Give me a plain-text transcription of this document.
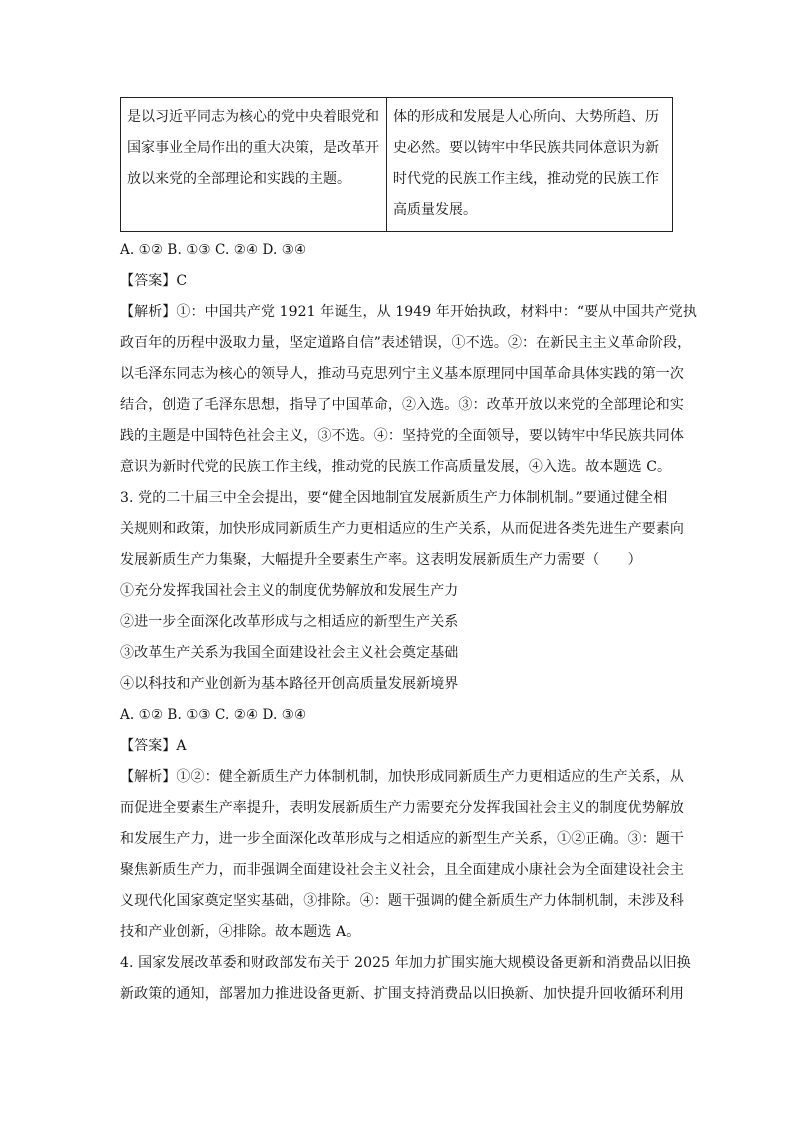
是以习近平同志为核心的党中央着眼党和国家事业全局作出的重大决策，是改革开放以来党的全部理论和实践的主题。	体的形成和发展是人心所向、大势所趋、历史必然。要以铸牢中华民族共同体意识为新时代党的民族工作主线，推动党的民族工作高质量发展。
A. ①② B. ①③ C. ②④ D. ③④
【答案】C
【解析】①：中国共产党 1921 年诞生，从 1949 年开始执政，材料中：“要从中国共产党执
政百年的历程中汲取力量，坚定道路自信”表述错误，①不选。②：在新民主主义革命阶段，
以毛泽东同志为核心的领导人，推动马克思列宁主义基本原理同中国革命具体实践的第一次
结合，创造了毛泽东思想，指导了中国革命，②入选。③：改革开放以来党的全部理论和实
践的主题是中国特色社会主义，③不选。④：坚持党的全面领导，要以铸牢中华民族共同体
意识为新时代党的民族工作主线，推动党的民族工作高质量发展，④入选。故本题选 C。
3. 党的二十届三中全会提出，要“健全因地制宜发展新质生产力体制机制。”要通过健全相
关规则和政策，加快形成同新质生产力更相适应的生产关系，从而促进各类先进生产要素向
发展新质生产力集聚，大幅提升全要素生产率。这表明发展新质生产力需要（　　）
①充分发挥我国社会主义的制度优势解放和发展生产力
②进一步全面深化改革形成与之相适应的新型生产关系
③改革生产关系为我国全面建设社会主义社会奠定基础
④以科技和产业创新为基本路径开创高质量发展新境界
A. ①② B. ①③ C. ②④ D. ③④
【答案】A
【解析】①②：健全新质生产力体制机制，加快形成同新质生产力更相适应的生产关系，从
而促进全要素生产率提升，表明发展新质生产力需要充分发挥我国社会主义的制度优势解放
和发展生产力，进一步全面深化改革形成与之相适应的新型生产关系，①②正确。③：题干
聚焦新质生产力，而非强调全面建设社会主义社会，且全面建成小康社会为全面建设社会主
义现代化国家奠定坚实基础，③排除。④：题干强调的健全新质生产力体制机制，未涉及科
技和产业创新，④排除。故本题选 A。
4. 国家发展改革委和财政部发布关于 2025 年加力扩围实施大规模设备更新和消费品以旧换
新政策的通知，部署加力推进设备更新、扩围支持消费品以旧换新、加快提升回收循环利用
